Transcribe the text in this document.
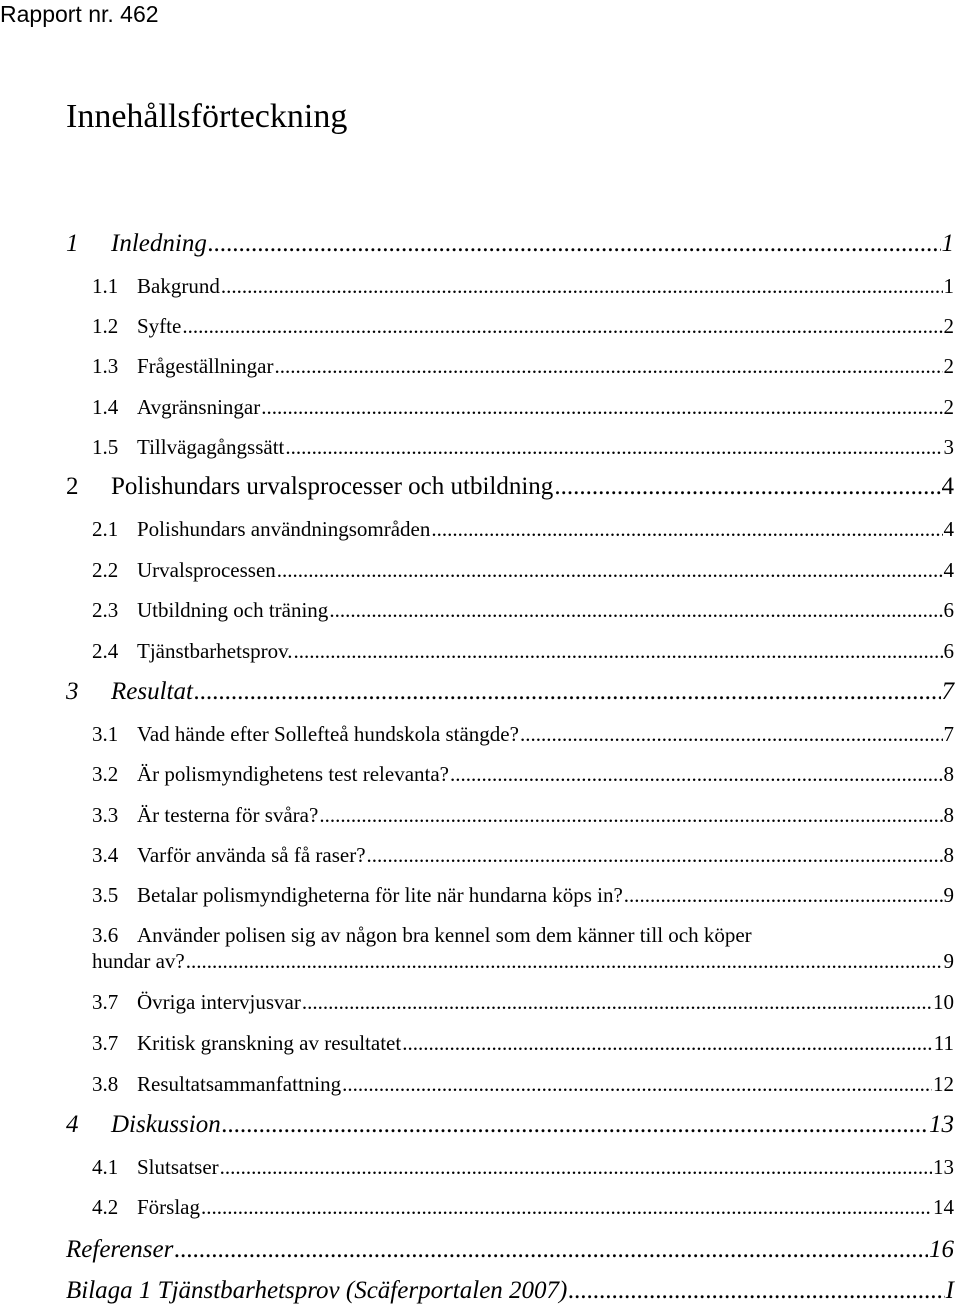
Rapport nr. 462
Innehållsförteckning
1	Inledning .....	1
1.1 Bakgrund .....	1
1.2 Syfte .....	2
1.3 Frågeställningar .....	2
1.4 Avgränsningar .....	2
1.5 Tillvägagångssätt .....	3
2	Polishundars urvalsprocesser och utbildning .....	4
2.1 Polishundars användningsområden .....	4
2.2 Urvalsprocessen .....	4
2.3 Utbildning och träning .....	6
2.4 Tjänstbarhetsprov. .....	6
3	Resultat .....	7
3.1 Vad hände efter Sollefteå hundskola stängde? .....	7
3.2 Är polismyndighetens test relevanta? .....	8
3.3 Är testerna för svåra? .....	8
3.4 Varför använda så få raser? .....	8
3.5 Betalar polismyndigheterna för lite när hundarna köps in? .....	9
3.6 Använder polisen sig av någon bra kennel som dem känner till och köper
hundar av? .....	9
3.7 Övriga intervjusvar .....	10
3.7 Kritisk granskning av resultatet .....	11
3.8 Resultatsammanfattning .....	12
4	Diskussion .....	13
4.1 Slutsatser .....	13
4.2 Förslag .....	14
Referenser .....	16
Bilaga 1 Tjänstbarhetsprov (Scäferportalen 2007) .....	I
